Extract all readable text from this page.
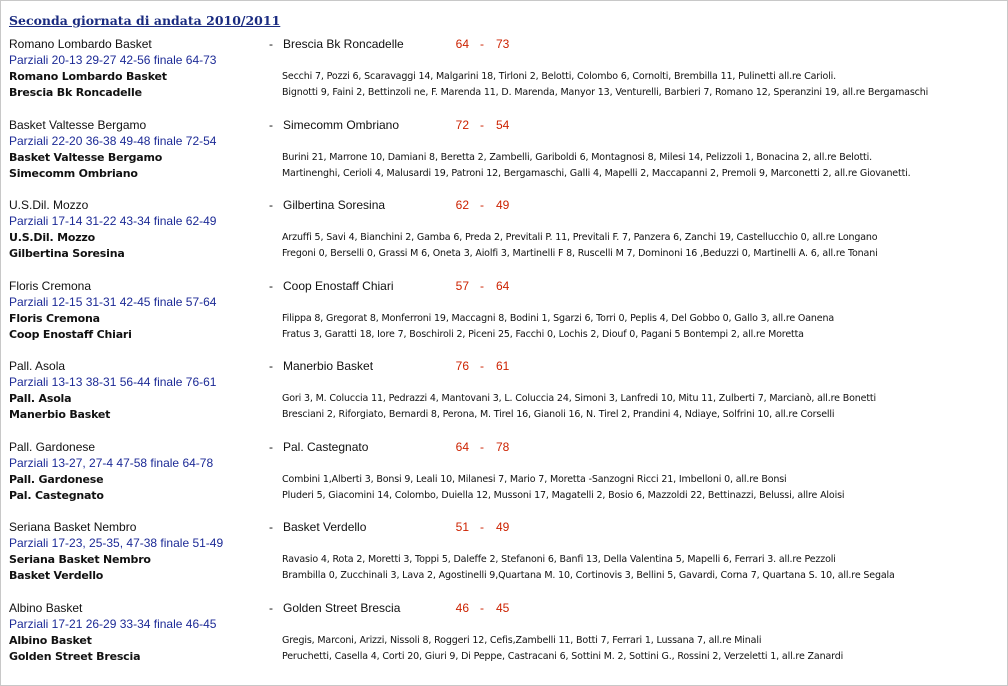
Seconda giornata di andata 2010/2011
Romano Lombardo Basket	- Brescia Bk Roncadelle	64 - 73
Parziali 20-13 29-27 42-56 finale 64-73
Romano Lombardo Basket	Secchi 7, Pozzi 6, Scaravaggi 14, Malgarini 18, Tirloni 2, Belotti, Colombo 6, Cornolti, Brembilla 11, Pulinetti all.re Carioli.
Brescia Bk Roncadelle	Bignotti 9, Faini 2, Bettinzoli ne, F. Marenda 11, D. Marenda, Manyor 13, Venturelli, Barbieri 7, Romano 12, Speranzini 19, all.re Bergamaschi
Basket Valtesse Bergamo	- Simecomm Ombriano	72 - 54
Parziali 22-20 36-38 49-48 finale 72-54
Basket Valtesse Bergamo	Burini 21, Marrone 10, Damiani 8, Beretta 2, Zambelli, Gariboldi 6, Montagnosi 8, Milesi 14, Pelizzoli 1, Bonacina 2, all.re Belotti.
Simecomm Ombriano	Martinenghi, Cerioli 4, Malusardi 19, Patroni 12, Bergamaschi, Galli 4, Mapelli 2, Maccapanni 2, Premoli 9, Marconetti 2, all.re Giovanetti.
U.S.Dil. Mozzo	- Gilbertina Soresina	62 - 49
Parziali 17-14 31-22 43-34 finale 62-49
U.S.Dil. Mozzo	Arzuffi 5, Savi 4, Bianchini 2, Gamba 6, Preda 2, Previtali P. 11, Previtali F. 7, Panzera 6, Zanchi 19, Castellucchio 0, all.re Longano
Gilbertina Soresina	Fregoni 0, Berselli 0, Grassi M 6, Oneta 3, Aiolfi 3, Martinelli F 8, Ruscelli M 7, Dominoni 16 ,Beduzzi 0, Martinelli A. 6, all.re Tonani
Floris Cremona	- Coop Enostaff Chiari	57 - 64
Parziali 12-15 31-31 42-45 finale 57-64
Floris Cremona	Filippa 8, Gregorat 8, Monferroni 19, Maccagni 8, Bodini 1, Sgarzi 6, Torri 0, Peplis 4, Del Gobbo 0, Gallo 3, all.re Oanena
Coop Enostaff Chiari	Fratus 3, Garatti 18, Iore 7, Boschiroli 2, Piceni 25, Facchi 0, Lochis 2, Diouf 0, Pagani 5 Bontempi 2, all.re Moretta
Pall. Asola	- Manerbio Basket	76 - 61
Parziali 13-13 38-31 56-44 finale 76-61
Pall. Asola	Gori 3, M. Coluccia 11, Pedrazzi 4, Mantovani 3, L. Coluccia 24, Simoni 3, Lanfredi 10, Mitu 11, Zulberti 7, Marcianò, all.re Bonetti
Manerbio Basket	Bresciani 2, Riforgiato, Bernardi 8, Perona, M. Tirel 16, Gianoli 16, N. Tirel 2, Prandini 4, Ndiaye, Solfrini 10, all.re Corselli
Pall. Gardonese	- Pal. Castegnato	64 - 78
Parziali 13-27, 27-4 47-58 finale 64-78
Pall. Gardonese	Combini 1,Alberti 3, Bonsi 9, Leali 10, Milanesi 7, Mario 7, Moretta -Sanzogni Ricci 21, Imbelloni 0, all.re Bonsi
Pal. Castegnato	Pluderi 5, Giacomini 14, Colombo, Duiella 12, Mussoni 17, Magatelli 2, Bosio 6, Mazzoldi 22, Bettinazzi, Belussi, allre Aloisi
Seriana Basket Nembro	- Basket Verdello	51 - 49
Parziali 17-23, 25-35, 47-38 finale 51-49
Seriana Basket Nembro	Ravasio 4, Rota 2, Moretti 3, Toppi 5, Daleffe 2, Stefanoni 6, Banfi 13, Della Valentina 5, Mapelli 6, Ferrari 3. all.re Pezzoli
Basket Verdello	Brambilla 0, Zucchinali 3, Lava 2, Agostinelli 9,Quartana M. 10, Cortinovis 3, Bellini 5, Gavardi, Corna 7, Quartana S. 10, all.re Segala
Albino Basket	- Golden Street Brescia	46 - 45
Parziali 17-21 26-29 33-34 finale 46-45
Albino Basket	Gregis, Marconi, Arizzi, Nissoli 8, Roggeri 12, Cefis,Zambelli 11, Botti 7, Ferrari 1, Lussana 7, all.re Minali
Golden Street Brescia	Peruchetti, Casella 4, Corti 20, Giuri 9, Di Peppe, Castracani 6, Sottini M. 2, Sottini G., Rossini 2, Verzeletti 1, all.re Zanardi
